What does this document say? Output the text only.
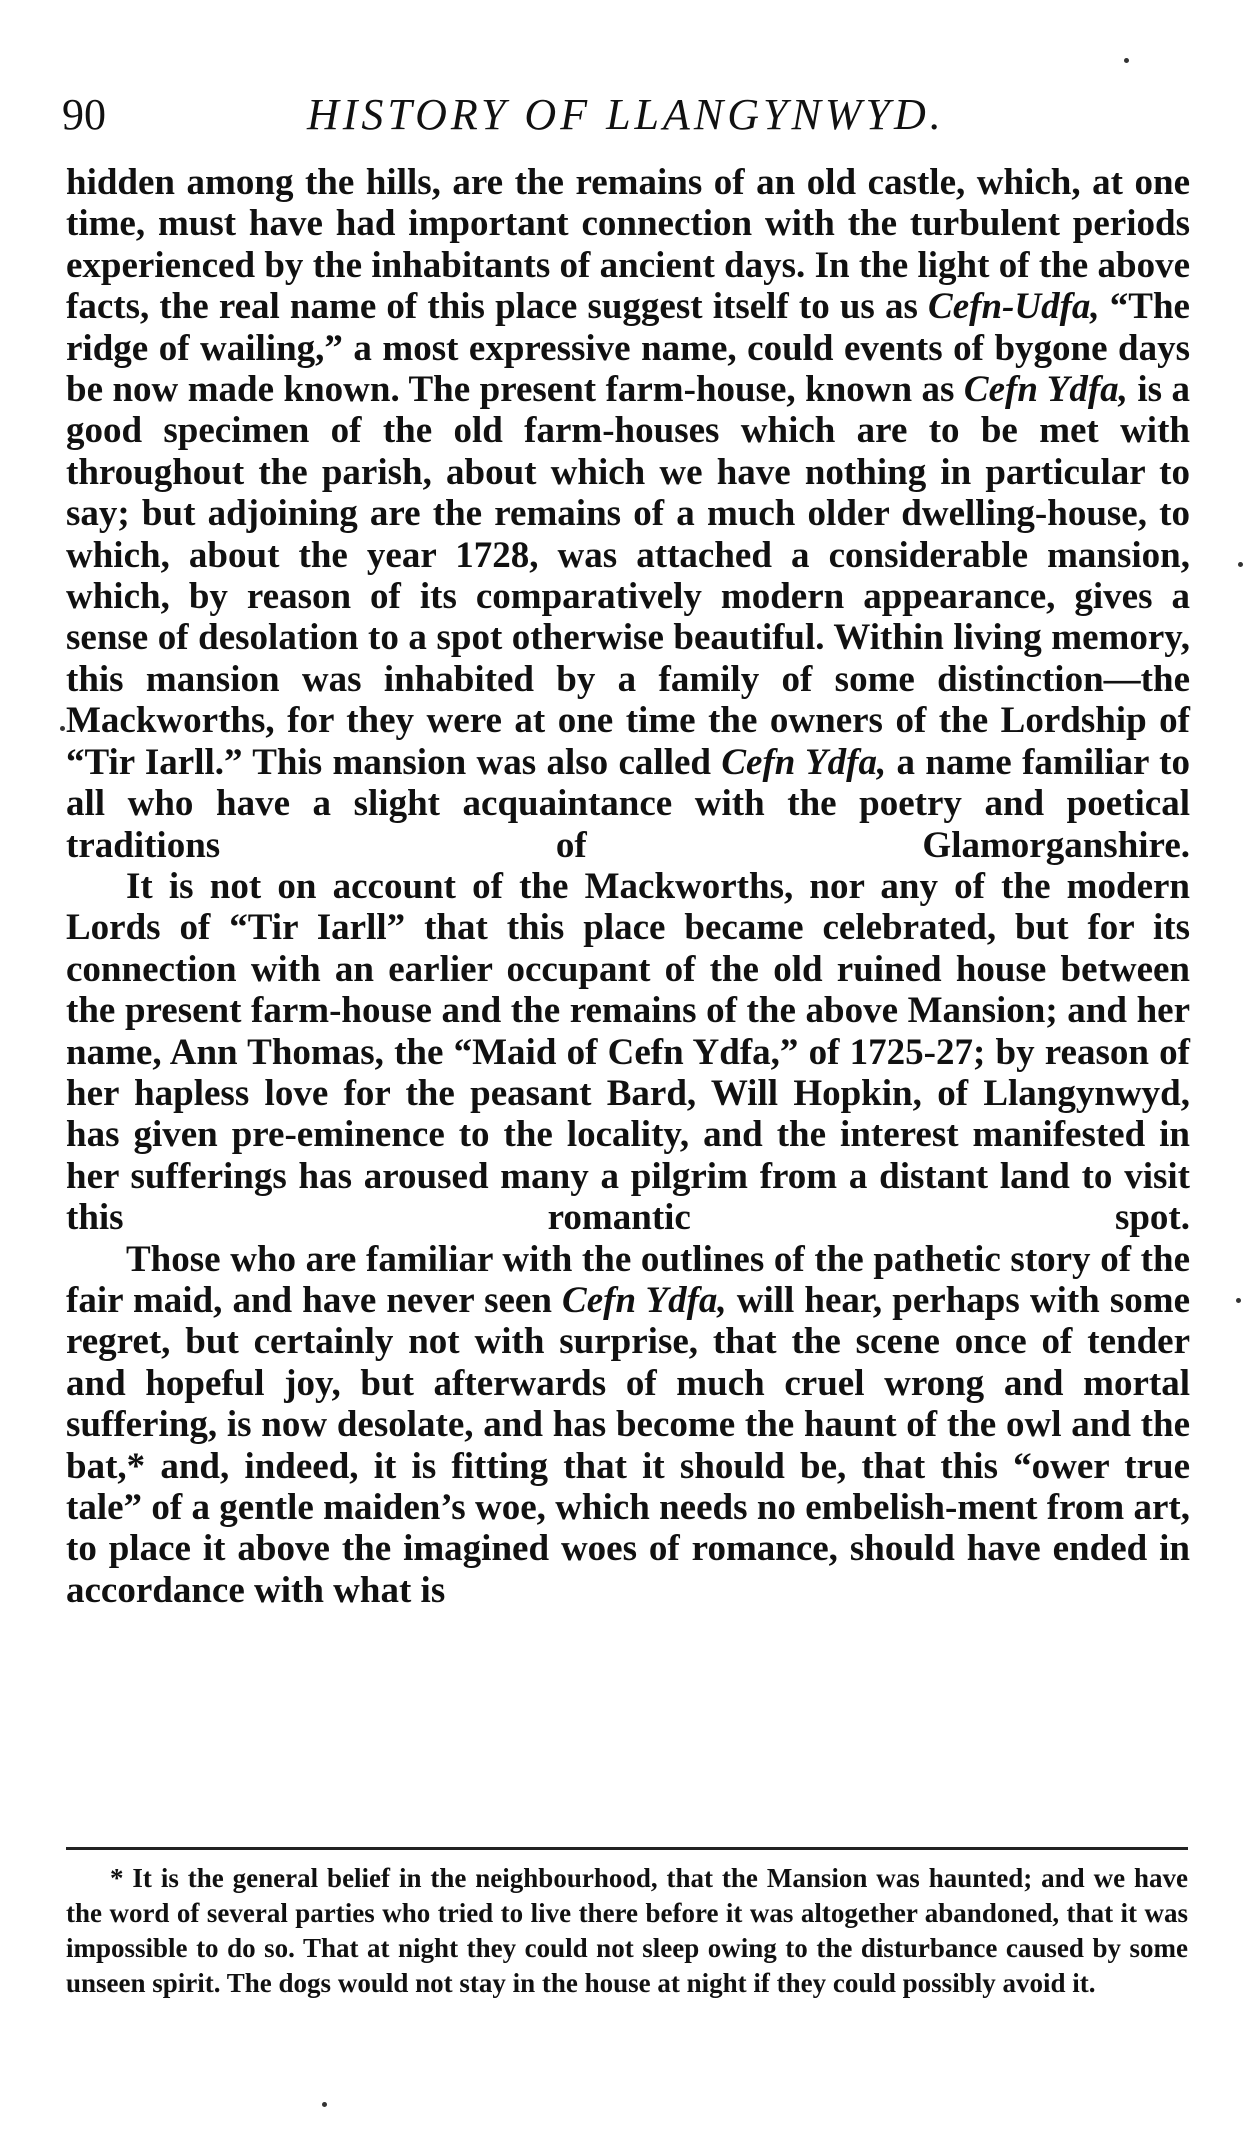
90	HISTORY OF LLANGYNWYD.

hidden among the hills, are the remains of an old castle, which, at one time, must have had important connection with the turbulent periods experienced by the inhabitants of ancient days. In the light of the above facts, the real name of this place suggest itself to us as Cefn-Udfa, “The ridge of wailing,” a most expressive name, could events of bygone days be now made known. The present farm-house, known as Cefn Ydfa, is a good specimen of the old farm-houses which are to be met with throughout the parish, about which we have nothing in particular to say; but adjoining are the remains of a much older dwelling-house, to which, about the year 1728, was attached a considerable mansion, which, by reason of its comparatively modern appearance, gives a sense of desolation to a spot otherwise beautiful. Within living memory, this mansion was inhabited by a family of some distinction—the Mackworths, for they were at one time the owners of the Lordship of “Tir Iarll.” This mansion was also called Cefn Ydfa, a name familiar to all who have a slight acquaintance with the poetry and poetical traditions of Glamorganshire.

It is not on account of the Mackworths, nor any of the modern Lords of “Tir Iarll” that this place became celebrated, but for its connection with an earlier occupant of the old ruined house between the present farm-house and the remains of the above Mansion; and her name, Ann Thomas, the “Maid of Cefn Ydfa,” of 1725-27; by reason of her hapless love for the peasant Bard, Will Hopkin, of Llangynwyd, has given pre-eminence to the locality, and the interest manifested in her sufferings has aroused many a pilgrim from a distant land to visit this romantic spot.

Those who are familiar with the outlines of the pathetic story of the fair maid, and have never seen Cefn Ydfa, will hear, perhaps with some regret, but certainly not with surprise, that the scene once of tender and hopeful joy, but afterwards of much cruel wrong and mortal suffering, is now desolate, and has become the haunt of the owl and the bat,* and, indeed, it is fitting that it should be, that this “ower true tale” of a gentle maiden’s woe, which needs no embelish-ment from art, to place it above the imagined woes of romance, should have ended in accordance with what is

* It is the general belief in the neighbourhood, that the Mansion was haunted; and we have the word of several parties who tried to live there before it was altogether abandoned, that it was impossible to do so. That at night they could not sleep owing to the disturbance caused by some unseen spirit. The dogs would not stay in the house at night if they could possibly avoid it.
